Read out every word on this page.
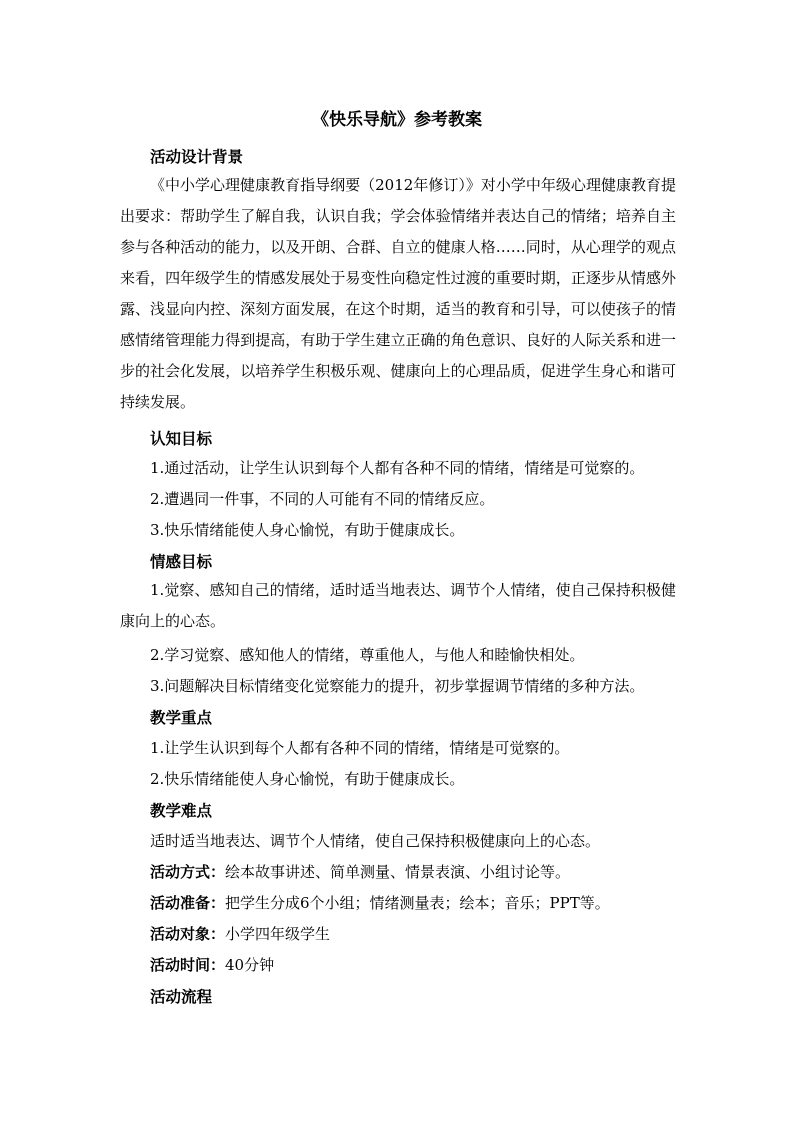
《快乐导航》参考教案
活动设计背景
《中小学心理健康教育指导纲要（2012年修订）》对小学中年级心理健康教育提出要求：帮助学生了解自我，认识自我；学会体验情绪并表达自己的情绪；培养自主参与各种活动的能力，以及开朗、合群、自立的健康人格……同时，从心理学的观点来看，四年级学生的情感发展处于易变性向稳定性过渡的重要时期，正逐步从情感外露、浅显向内控、深刻方面发展，在这个时期，适当的教育和引导，可以使孩子的情感情绪管理能力得到提高，有助于学生建立正确的角色意识、良好的人际关系和进一步的社会化发展，以培养学生积极乐观、健康向上的心理品质，促进学生身心和谐可持续发展。
认知目标
1.通过活动，让学生认识到每个人都有各种不同的情绪，情绪是可觉察的。
2.遭遇同一件事，不同的人可能有不同的情绪反应。
3.快乐情绪能使人身心愉悦，有助于健康成长。
情感目标
1.觉察、感知自己的情绪，适时适当地表达、调节个人情绪，使自己保持积极健康向上的心态。
2.学习觉察、感知他人的情绪，尊重他人，与他人和睦愉快相处。
3.问题解决目标情绪变化觉察能力的提升，初步掌握调节情绪的多种方法。
教学重点
1.让学生认识到每个人都有各种不同的情绪，情绪是可觉察的。
2.快乐情绪能使人身心愉悦，有助于健康成长。
教学难点
适时适当地表达、调节个人情绪，使自己保持积极健康向上的心态。
活动方式：绘本故事讲述、简单测量、情景表演、小组讨论等。
活动准备：把学生分成6个小组；情绪测量表；绘本；音乐；PPT等。
活动对象：小学四年级学生
活动时间：40分钟
活动流程
